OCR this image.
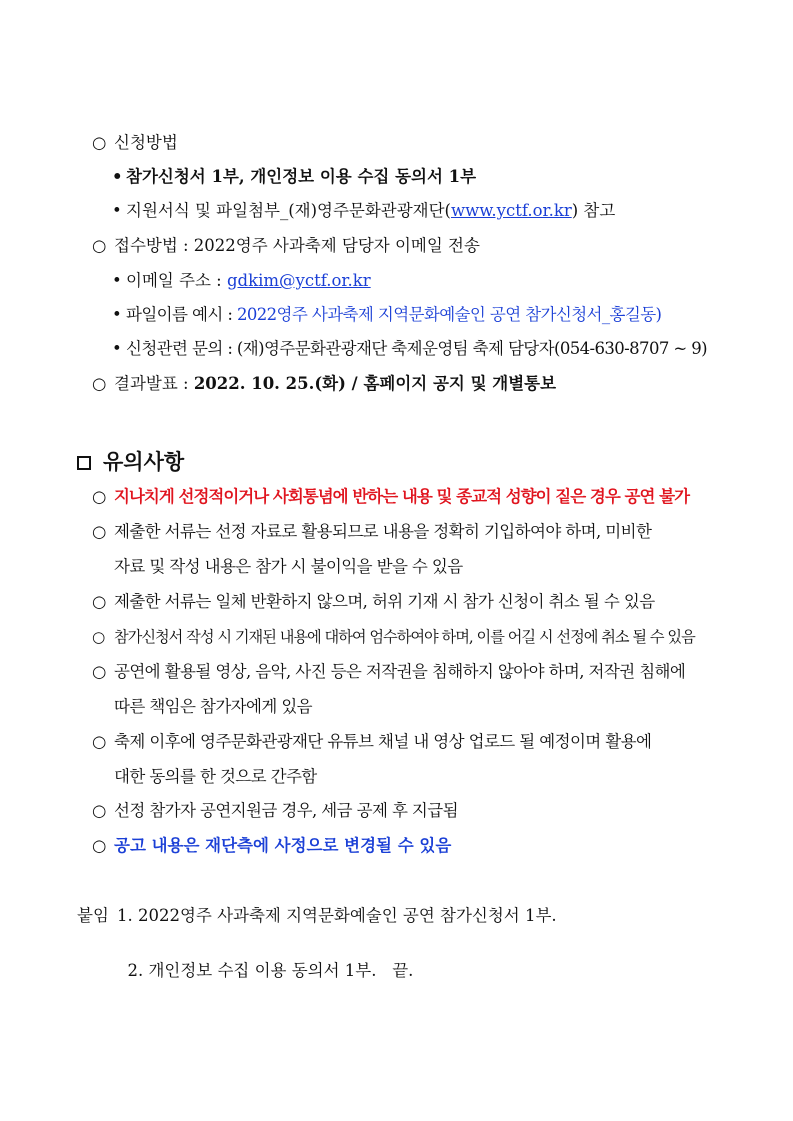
○ 신청방법
• 참가신청서 1부, 개인정보 이용 수집 동의서 1부
• 지원서식 및 파일첨부_(재)영주문화관광재단(www.yctf.or.kr) 참고
○ 접수방법 : 2022영주 사과축제 담당자 이메일 전송
• 이메일 주소 : gdkim@yctf.or.kr
• 파일이름 예시 : 2022영주 사과축제 지역문화예술인 공연 참가신청서_홍길동)
• 신청관련 문의 : (재)영주문화관광재단 축제운영팀 축제 담당자(054-630-8707 ~ 9)
○ 결과발표 : 2022. 10. 25.(화) / 홈페이지 공지 및 개별통보
유의사항
○ 지나치게 선정적이거나 사회통념에 반하는 내용 및 종교적 성향이 짙은 경우 공연 불가
○ 제출한 서류는 선정 자료로 활용되므로 내용을 정확히 기입하여야 하며, 미비한
자료 및 작성 내용은 참가 시 불이익을 받을 수 있음
○ 제출한 서류는 일체 반환하지 않으며, 허위 기재 시 참가 신청이 취소 될 수 있음
○ 참가신청서 작성 시 기재된 내용에 대하여 엄수하여야 하며, 이를 어길 시 선정에 취소 될 수 있음
○ 공연에 활용될 영상, 음악, 사진 등은 저작권을 침해하지 않아야 하며, 저작권 침해에
따른 책임은 참가자에게 있음
○ 축제 이후에 영주문화관광재단 유튜브 채널 내 영상 업로드 될 예정이며 활용에
대한 동의를 한 것으로 간주함
○ 선정 참가자 공연지원금 경우, 세금 공제 후 지급됨
○ 공고 내용은 재단측에 사정으로 변경될 수 있음
붙임 1. 2022영주 사과축제 지역문화예술인 공연 참가신청서 1부.

2. 개인정보 수집 이용 동의서 1부.   끝.
